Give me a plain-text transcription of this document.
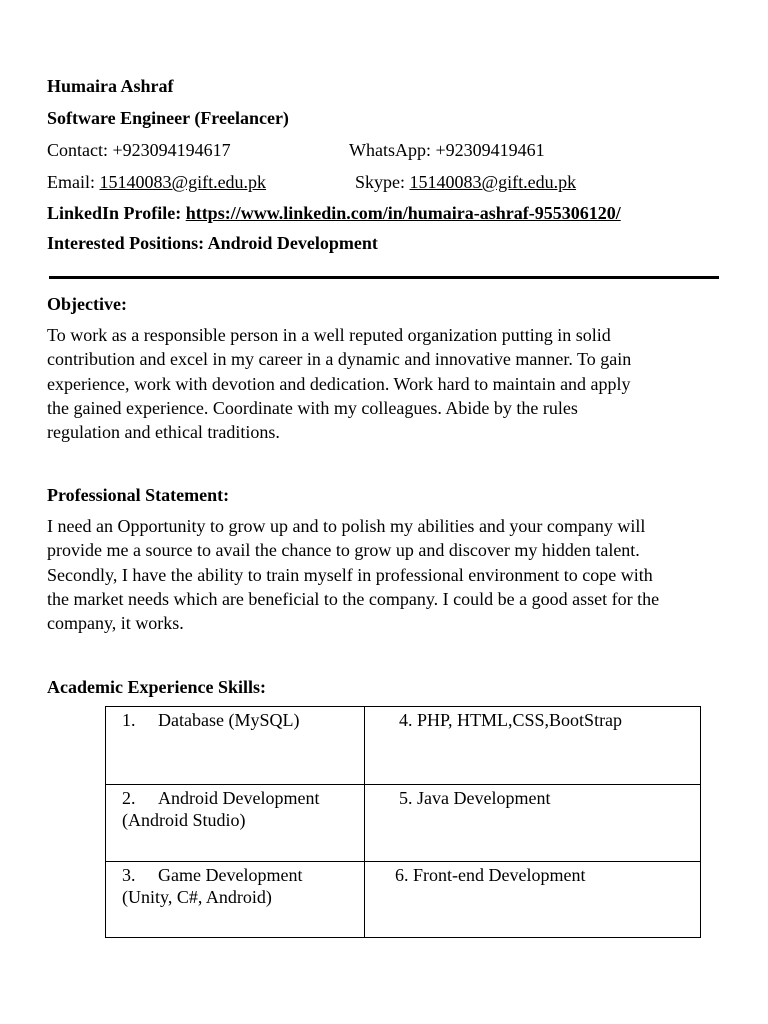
Humaira Ashraf
Software Engineer (Freelancer)
Contact: +923094194617	WhatsApp: +92309419461
Email: 15140083@gift.edu.pk	Skype: 15140083@gift.edu.pk
LinkedIn Profile: https://www.linkedin.com/in/humaira-ashraf-955306120/
Interested Positions: Android Development
Objective:
To work as a responsible person in a well reputed organization putting in solid
contribution and excel in my career in a dynamic and innovative manner. To gain
experience, work with devotion and dedication. Work hard to maintain and apply
the gained experience. Coordinate with my colleagues. Abide by the rules
regulation and ethical traditions.
Professional Statement:
I need an Opportunity to grow up and to polish my abilities and your company will
provide me a source to avail the chance to grow up and discover my hidden talent.
Secondly, I have the ability to train myself in professional environment to cope with
the market needs which are beneficial to the company. I could be a good asset for the
company, it works.
Academic Experience Skills:
1. Database (MySQL)	4. PHP, HTML,CSS,BootStrap
2. Android Development
(Android Studio)	5. Java Development
3. Game Development
(Unity, C#, Android)	6. Front-end Development
